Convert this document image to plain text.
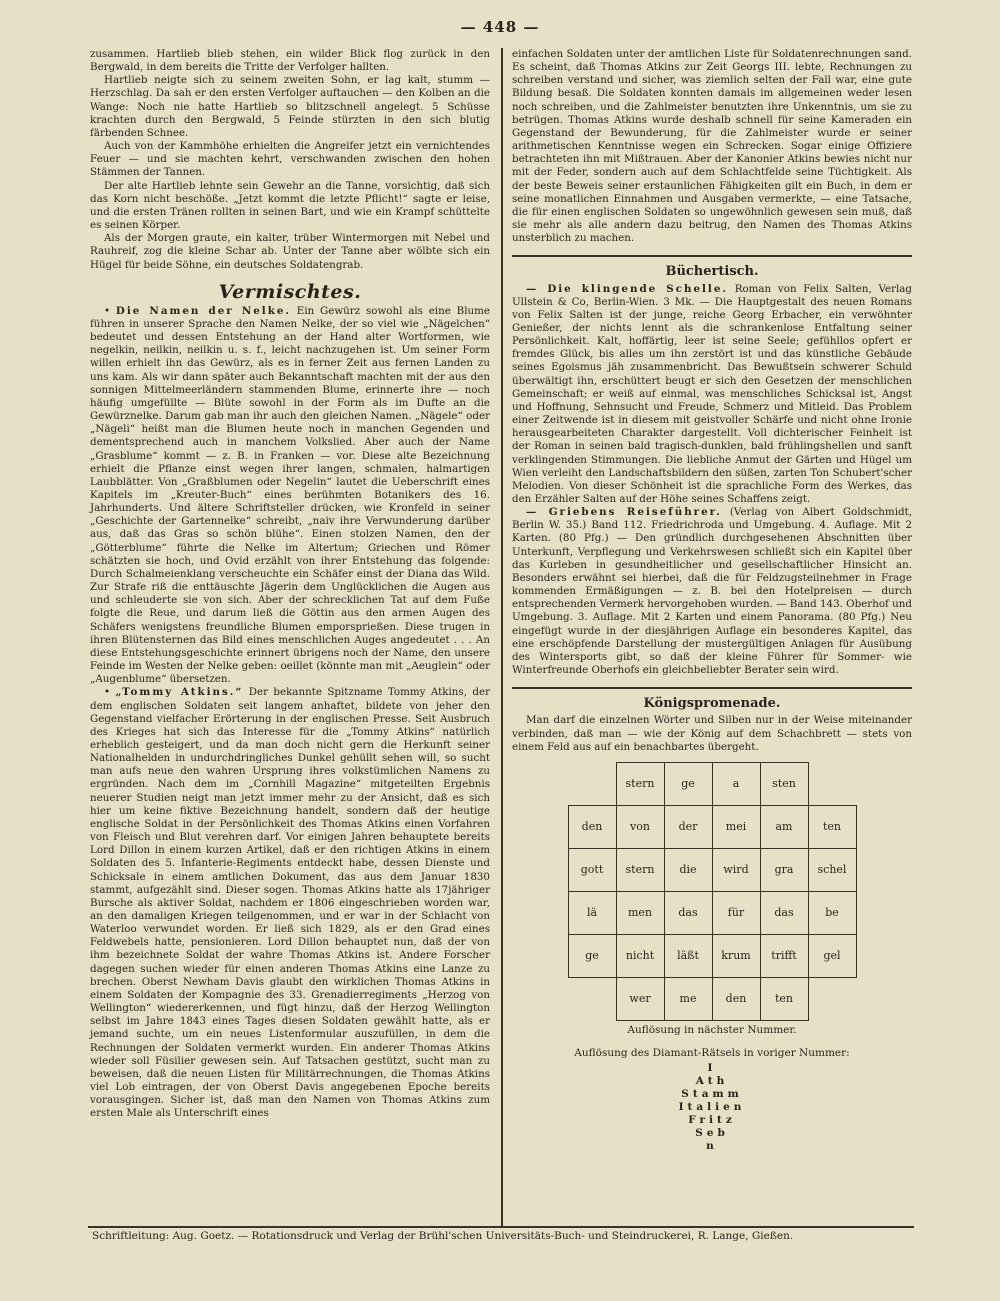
— 448 —

zusammen. Hartlieb blieb stehen, ein wilder Blick flog zurück in den Bergwald, in dem bereits die Tritte der Verfolger hallten.

Hartlieb neigte sich zu seinem zweiten Sohn, er lag kalt, stumm — Herzschlag. Da sah er den ersten Verfolger auftauchen — den Kolben an die Wange: Noch nie hatte Hartlieb so blitzschnell angelegt. 5 Schüsse krachten durch den Bergwald, 5 Feinde stürzten in den sich blutig färbenden Schnee.

Auch von der Kammhöhe erhielten die Angreifer jetzt ein vernichtendes Feuer — und sie machten kehrt, verschwanden zwischen den hohen Stämmen der Tannen.

Der alte Hartlieb lehnte sein Gewehr an die Tanne, vorsichtig, daß sich das Korn nicht beschöße. „Jetzt kommt die letzte Pflicht!“ sagte er leise, und die ersten Tränen rollten in seinen Bart, und wie ein Krampf schüttelte es seinen Körper.

Als der Morgen graute, ein kalter, trüber Wintermorgen mit Nebel und Rauhreif, zog die kleine Schar ab. Unter der Tanne aber wölbte sich ein Hügel für beide Söhne, ein deutsches Soldatengrab.

Vermischtes.

• Die Namen der Nelke. Ein Gewürz sowohl als eine Blume führen in unserer Sprache den Namen Nelke, der so viel wie „Nägelchen“ bedeutet und dessen Entstehung an der Hand alter Wortformen, wie negelkin, neilkin, neilkin u. s. f., leicht nachzugehen ist. Um seiner Form willen erhielt ihn das Gewürz, als es in ferner Zeit aus fernen Landen zu uns kam. Als wir dann später auch Bekanntschaft machten mit der aus den sonnigen Mittelmeerländern stammenden Blume, erinnerte ihre — noch häufig umgefüllte — Blüte sowohl in der Form als im Dufte an die Gewürznelke. Darum gab man ihr auch den gleichen Namen. „Nägele“ oder „Nägeli“ heißt man die Blumen heute noch in manchen Gegenden und dementsprechend auch in manchem Volkslied. Aber auch der Name „Grasblume“ kommt — z. B. in Franken — vor. Diese alte Bezeichnung erhielt die Pflanze einst wegen ihrer langen, schmalen, halmartigen Laubblätter. Von „Graßblumen oder Negelin“ lautet die Ueberschrift eines Kapitels im „Kreuter-Buch“ eines berühmten Botanikers des 16. Jahrhunderts. Und ältere Schriftsteller drücken, wie Kronfeld in seiner „Geschichte der Gartennelke“ schreibt, „naiv ihre Verwunderung darüber aus, daß das Gras so schön blühe“. Einen stolzen Namen, den der „Götterblume“ führte die Nelke im Altertum; Griechen und Römer schätzten sie hoch, und Ovid erzählt von ihrer Entstehung das folgende: Durch Schalmeienklang verscheuchte ein Schäfer einst der Diana das Wild. Zur Strafe riß die enttäuschte Jägerin dem Unglücklichen die Augen aus und schleuderte sie von sich. Aber der schrecklichen Tat auf dem Fuße folgte die Reue, und darum ließ die Göttin aus den armen Augen des Schäfers wenigstens freundliche Blumen emporsprießen. Diese trugen in ihren Blütensternen das Bild eines menschlichen Auges angedeutet . . . An diese Entstehungsgeschichte erinnert übrigens noch der Name, den unsere Feinde im Westen der Nelke geben: oeillet (könnte man mit „Aeuglein“ oder „Augenblume“ übersetzen.

• „Tommy Atkins.“ Der bekannte Spitzname Tommy Atkins, der dem englischen Soldaten seit langem anhaftet, bildete von jeher den Gegenstand vielfacher Erörterung in der englischen Presse. Seit Ausbruch des Krieges hat sich das Interesse für die „Tommy Atkins“ natürlich erheblich gesteigert, und da man doch nicht gern die Herkunft seiner Nationalhelden in undurchdringliches Dunkel gehüllt sehen will, so sucht man aufs neue den wahren Ursprung ihres volkstümlichen Namens zu ergründen. Nach dem im „Cornhill Magazine“ mitgeteilten Ergebnis neuerer Studien neigt man jetzt immer mehr zu der Ansicht, daß es sich hier um keine fiktive Bezeichnung handelt, sondern daß der heutige englische Soldat in der Persönlichkeit des Thomas Atkins einen Vorfahren von Fleisch und Blut verehren darf. Vor einigen Jahren behauptete bereits Lord Dillon in einem kurzen Artikel, daß er den richtigen Atkins in einem Soldaten des 5. Infanterie-Regiments entdeckt habe, dessen Dienste und Schicksale in einem amtlichen Dokument, das aus dem Januar 1830 stammt, aufgezählt sind. Dieser sogen. Thomas Atkins hatte als 17jähriger Bursche als aktiver Soldat, nachdem er 1806 eingeschrieben worden war, an den damaligen Kriegen teilgenommen, und er war in der Schlacht von Waterloo verwundet worden. Er ließ sich 1829, als er den Grad eines Feldwebels hatte, pensionieren. Lord Dillon behauptet nun, daß der von ihm bezeichnete Soldat der wahre Thomas Atkins ist. Andere Forscher dagegen suchen wieder für einen anderen Thomas Atkins eine Lanze zu brechen. Oberst Newham Davis glaubt den wirklichen Thomas Atkins in einem Soldaten der Kompagnie des 33. Grenadierregiments „Herzog von Wellington“ wiedererkennen, und fügt hinzu, daß der Herzog Wellington selbst im Jahre 1843 eines Tages diesen Soldaten gewählt hatte, als er jemand suchte, um ein neues Listenformular auszufüllen, in dem die Rechnungen der Soldaten vermerkt wurden. Ein anderer Thomas Atkins wieder soll Füsilier gewesen sein. Auf Tatsachen gestützt, sucht man zu beweisen, daß die neuen Listen für Militärrechnungen, die Thomas Atkins viel Lob eintragen, der von Oberst Davis angegebenen Epoche bereits vorausgingen. Sicher ist, daß man den Namen von Thomas Atkins zum ersten Male als Unterschrift eines

einfachen Soldaten unter der amtlichen Liste für Soldatenrechnungen sand. Es scheint, daß Thomas Atkins zur Zeit Georgs III. lebte, Rechnungen zu schreiben verstand und sicher, was ziemlich selten der Fall war, eine gute Bildung besaß. Die Soldaten konnten damals im allgemeinen weder lesen noch schreiben, und die Zahlmeister benutzten ihre Unkenntnis, um sie zu betrügen. Thomas Atkins wurde deshalb schnell für seine Kameraden ein Gegenstand der Bewunderung, für die Zahlmeister wurde er seiner arithmetischen Kenntnisse wegen ein Schrecken. Sogar einige Offiziere betrachteten ihn mit Mißtrauen. Aber der Kanonier Atkins bewies nicht nur mit der Feder, sondern auch auf dem Schlachtfelde seine Tüchtigkeit. Als der beste Beweis seiner erstaunlichen Fähigkeiten gilt ein Buch, in dem er seine monatlichen Einnahmen und Ausgaben vermerkte, — eine Tatsache, die für einen englischen Soldaten so ungewöhnlich gewesen sein muß, daß sie mehr als alle andern dazu beitrug, den Namen des Thomas Atkins unsterblich zu machen.

Büchertisch.

— Die klingende Schelle. Roman von Felix Salten, Verlag Ullstein & Co, Berlin-Wien. 3 Mk. — Die Hauptgestalt des neuen Romans von Felix Salten ist der junge, reiche Georg Erbacher, ein verwöhnter Genießer, der nichts lennt als die schrankenlose Entfaltung seiner Persönlichkeit. Kalt, hoffärtig, leer ist seine Seele; gefühllos opfert er fremdes Glück, bis alles um ihn zerstört ist und das künstliche Gebäude seines Egoismus jäh zusammenbricht. Das Bewußtsein schwerer Schuld überwältigt ihn, erschüttert beugt er sich den Gesetzen der menschlichen Gemeinschaft; er weiß auf einmal, was menschliches Schicksal ist, Angst und Hoffnung, Sehnsucht und Freude, Schmerz und Mitleid. Das Problem einer Zeitwende ist in diesem mit geistvoller Schärfe und nicht ohne Ironie herausgearbeiteten Charakter dargestellt. Voll dichterischer Feinheit ist der Roman in seinen bald tragisch-dunklen, bald frühlingshellen und sanft verklingenden Stimmungen. Die liebliche Anmut der Gärten und Hügel um Wien verleiht den Landschaftsbildern den süßen, zarten Ton Schubert'scher Melodien. Von dieser Schönheit ist die sprachliche Form des Werkes, das den Erzähler Salten auf der Höhe seines Schaffens zeigt.

— Griebens Reiseführer. (Verlag von Albert Goldschmidt, Berlin W. 35.) Band 112. Friedrichroda und Umgebung. 4. Auflage. Mit 2 Karten. (80 Pfg.) — Den gründlich durchgesehenen Abschnitten über Unterkunft, Verpflegung und Verkehrswesen schließt sich ein Kapitel über das Kurleben in gesundheitlicher und gesellschaftlicher Hinsicht an. Besonders erwähnt sei hierbei, daß die für Feldzugsteilnehmer in Frage kommenden Ermäßigungen — z. B. bei den Hotelpreisen — durch entsprechenden Vermerk hervorgehoben wurden. — Band 143. Oberhof und Umgebung. 3. Auflage. Mit 2 Karten und einem Panorama. (80 Pfg.) Neu eingefügt wurde in der diesjährigen Auflage ein besonderes Kapitel, das eine erschöpfende Darstellung der mustergültigen Anlagen für Ausübung des Wintersports gibt, so daß der kleine Führer für Sommer- wie Winterfreunde Oberhofs ein gleichbeliebter Berater sein wird.

Königspromenade.

Man darf die einzelnen Wörter und Silben nur in der Weise miteinander verbinden, daß man — wie der König auf dem Schachbrett — stets von einem Feld aus auf ein benachbartes übergeht.

	stern	ge	a	sten	
den	von	der	mei	am	ten
gott	stern	die	wird	gra	schel
lä	men	das	für	das	be
ge	nicht	läßt	krum	trifft	gel
	wer	me	den	ten	
Auflösung in nächster Nummer.
Auflösung des Diamant-Rätsels in voriger Nummer:
I
Ath
Stamm
Italien
Fritz
Seb
n
Schriftleitung: Aug. Goetz. — Rotationsdruck und Verlag der Brühl'schen Universitäts-Buch- und Steindruckerei, R. Lange, Gießen.
